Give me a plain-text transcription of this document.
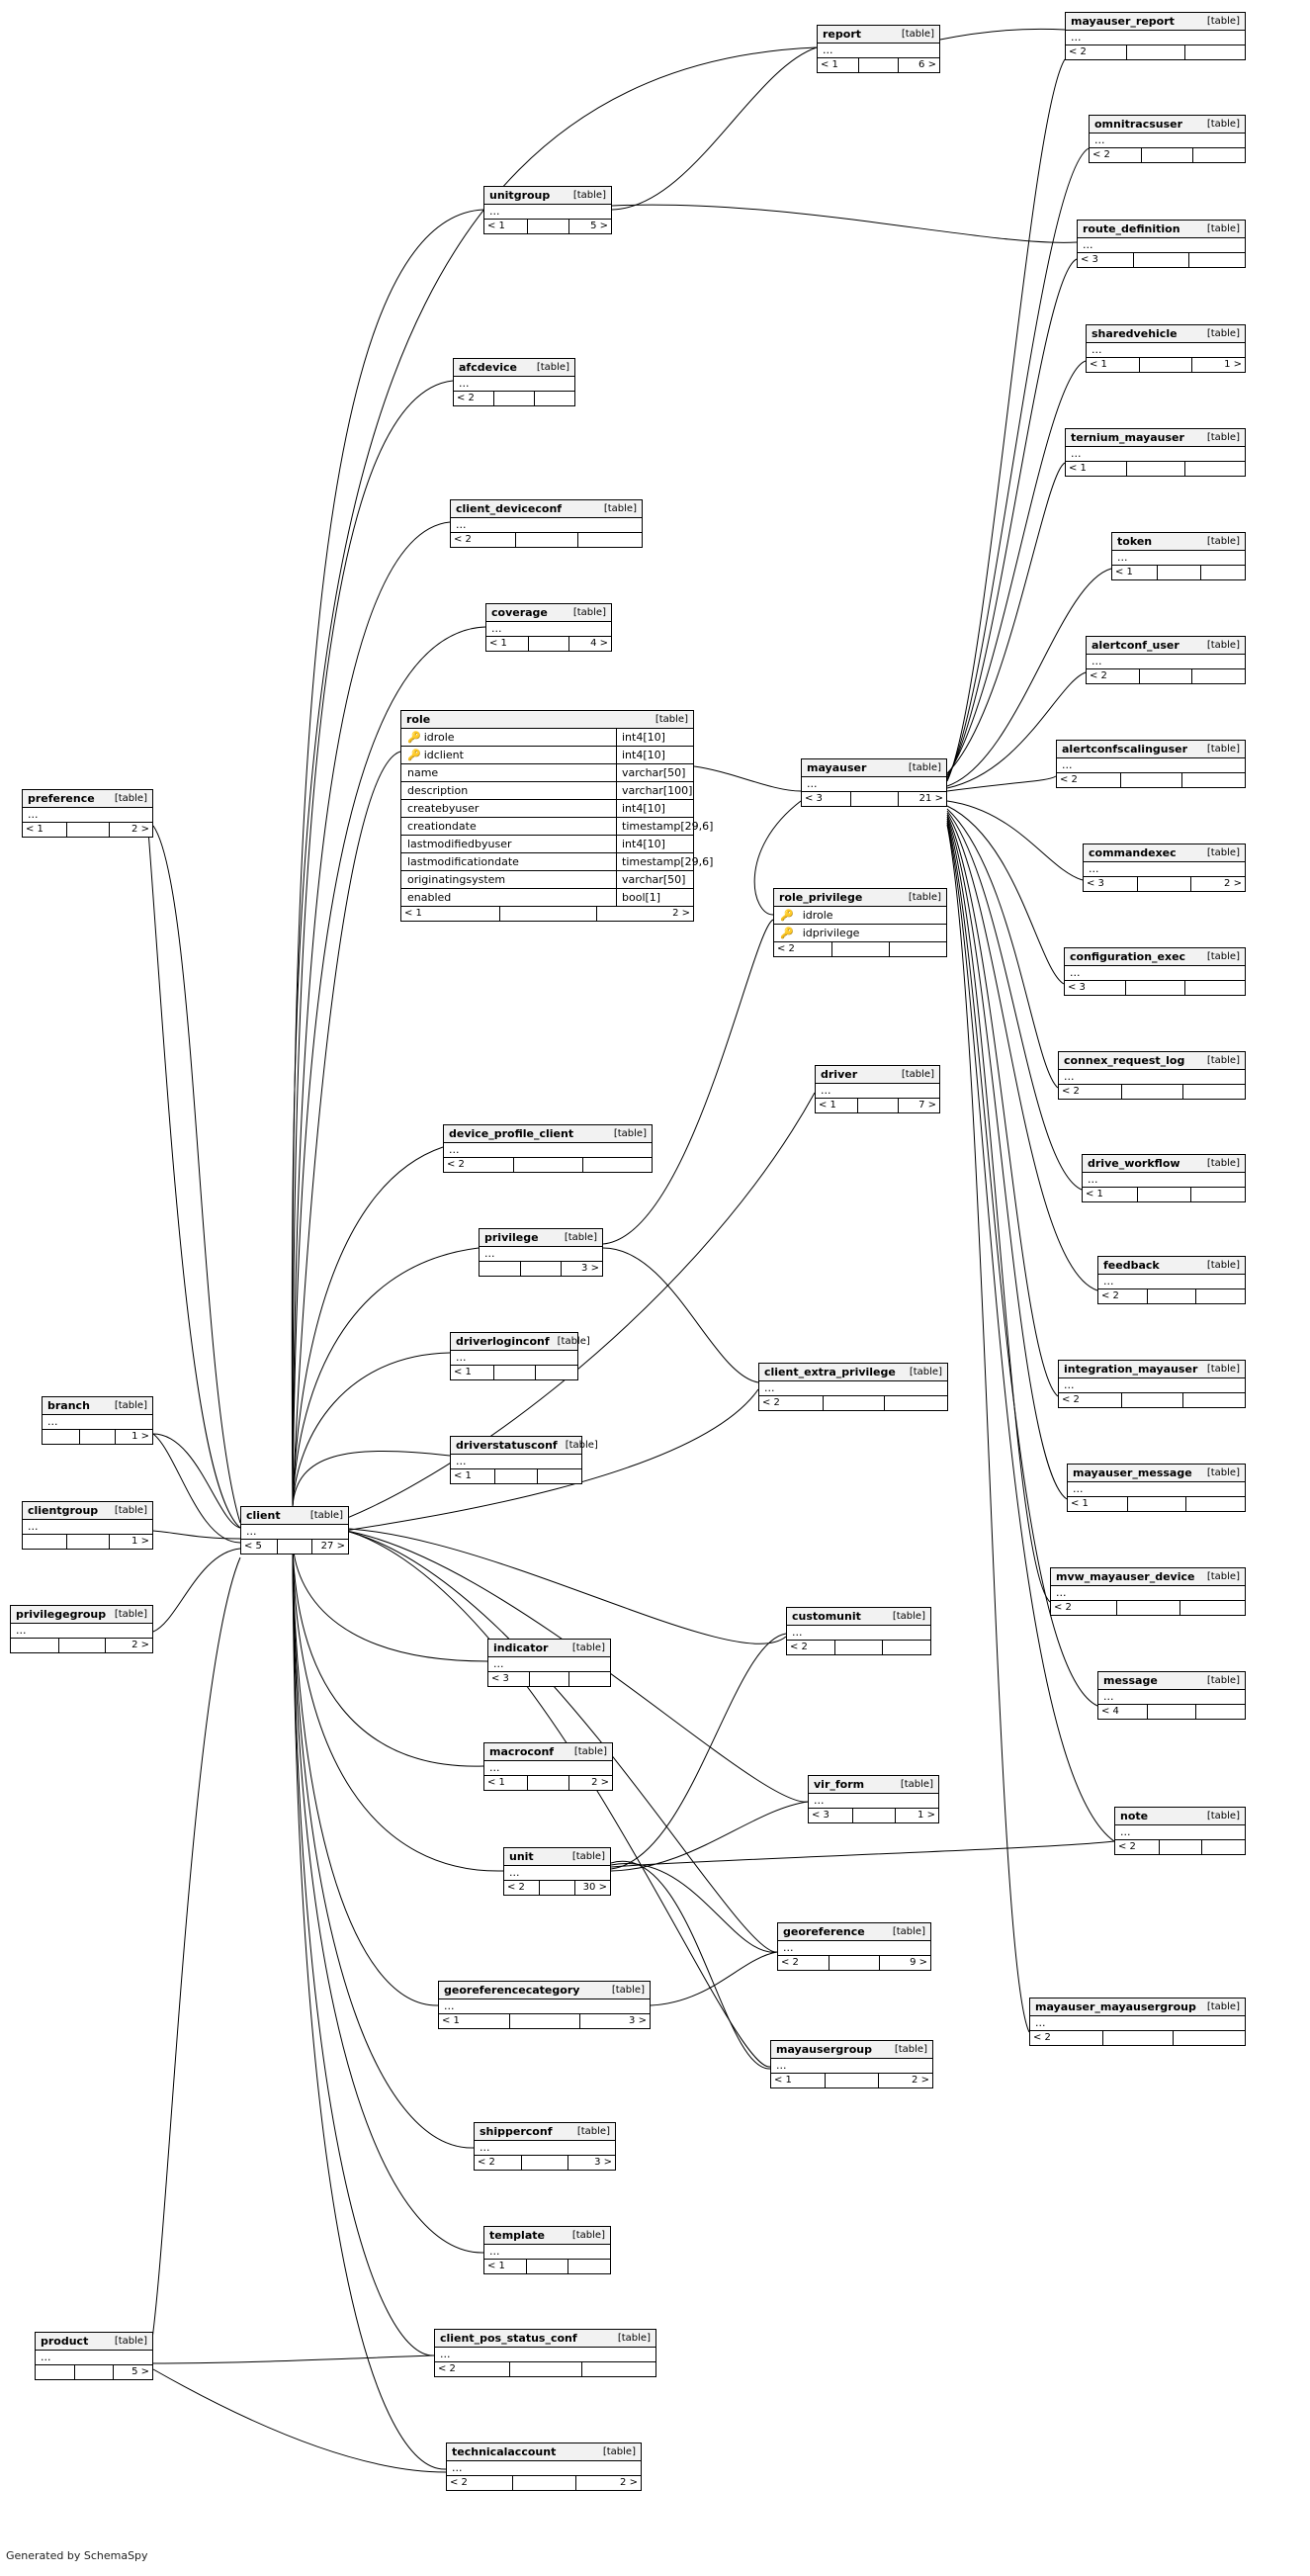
report	[table]
...
< 1	6 >
mayauser_report	[table]
...
< 2
omnitracsuser [table]
...
< 2
unitgroup [table]
...
< 1	5 >	route_definition	[table]
...
< 3
sharedvehicle	[table]
...
< 1	1 >
afcdevice [table]
...
< 2
ternium_mayauser [table]
...
< 1
client_deviceconf	[table]
...
< 2	token	[table]
...
< 1
coverage	[table]
...
< 1	4 >	alertconf_user	[table]
...
< 2
alertconfscalinguser [table]
...
< 2
role	[table]
🔑 idrole	int4[10]
🔑 idclient	int4[10]
name	varchar[50]
description	varchar[100]
createbyuser	int4[10]
creationdate	timestamp[29,6]
lastmodifiedbyuser	int4[10]
lastmodificationdate	timestamp[29,6]
originatingsystem	varchar[50]
enabled	bool[1]
< 1	2 >
mayauser	[table]
...
< 3	21 >
commandexec	[table]
...
< 3	2 >
preference [table]
...
< 1	2 >
role_privilege	[table]
🔑 idrole
🔑 idprivilege
< 2
configuration_exec [table]
...
< 3
connex_request_log [table]
...
< 2
driver	[table]
...
< 1	7 >
device_profile_client	[table]
...
< 2	drive_workflow	[table]
...
< 1
privilege	[table]
...
3 >	feedback	[table]
...
< 2
driverloginconf [table]
...
< 1	client_extra_privilege [table]
...
< 2
integration_mayauser [table]
...
< 2
branch [table]
...
1 >
driverstatusconf [table]
...
< 1	mayauser_message [table]
...
< 1
clientgroup [table]
...
1 >
client	[table]
...
< 5	27 >
mvw_mayauser_device [table]
...
< 2
privilegegroup [table]
...
2 >
customunit	[table]
...
< 2
message	[table]
...
< 4
indicator [table]
...
< 3
macroconf [table]
...
< 1	2 >	vir_form	[table]
...
< 3	1 >	note	[table]
...
< 2
unit	[table]
...
< 2	30 >
georeference	[table]
...
< 2	9 >
mayauser_mayausergroup [table]
...
< 2
georeferencecategory	[table]
...
< 1	3 >
mayausergroup [table]
...
< 1	2 >
shipperconf	[table]
...
< 2	3 >
template	[table]
...
< 1
product	[table]
...
5 >
client_pos_status_conf	[table]
...
< 2
technicalaccount	[table]
...
< 2	2 >
Generated by SchemaSpy
